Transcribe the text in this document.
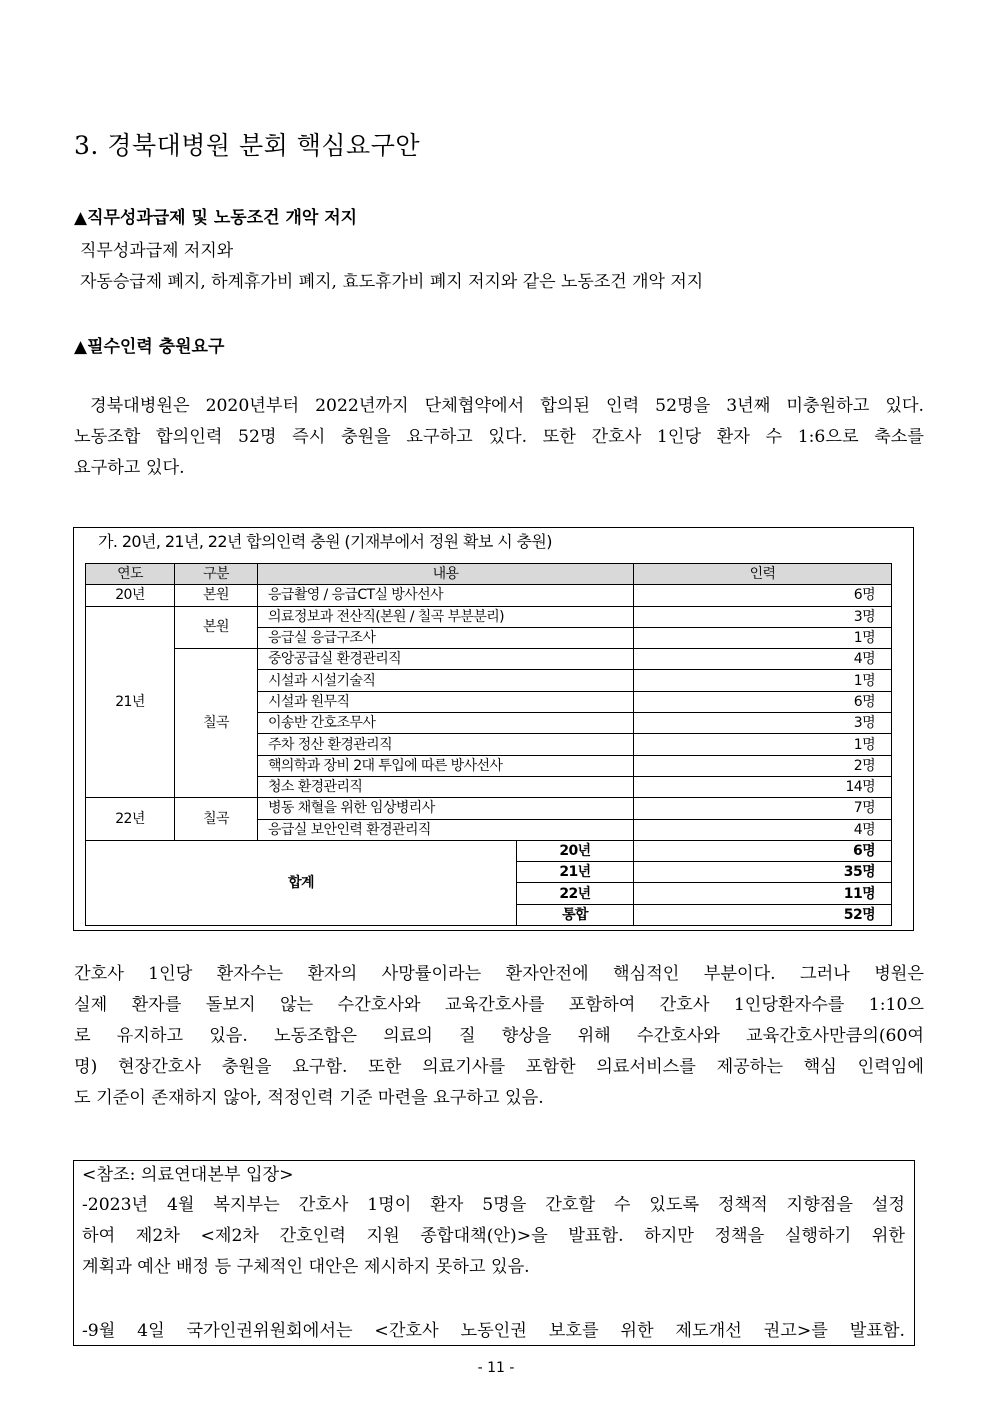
3. 경북대병원 분회 핵심요구안
▲직무성과급제 및 노동조건 개악 저지
직무성과급제 저지와
자동승급제 폐지, 하계휴가비 폐지, 효도휴가비 폐지 저지와 같은 노동조건 개악 저지
▲필수인력 충원요구
경북대병원은 2020년부터 2022년까지 단체협약에서 합의된 인력 52명을 3년째 미충원하고 있다.
노동조합 합의인력 52명 즉시 충원을 요구하고 있다. 또한 간호사 1인당 환자 수 1:6으로 축소를
요구하고 있다.
가. 20년, 21년, 22년 합의인력 충원 (기재부에서 정원 확보 시 충원)
연도	구분	내용		인력
20년	본원	응급촬영 / 응급CT실 방사선사		6명
21년	본원	의료정보과 전산직(본원 / 칠곡 부분분리)		3명
		응급실 응급구조사		1명
	칠곡	중앙공급실 환경관리직		4명
		시설과 시설기술직		1명
		시설과 원무직		6명
		이송반 간호조무사		3명
		주차 정산 환경관리직		1명
		핵의학과 장비 2대 투입에 따른 방사선사		2명
		청소 환경관리직		14명
22년	칠곡	병동 채혈을 위한 임상병리사		7명
		응급실 보안인력 환경관리직		4명
합계			20년	6명
			21년	35명
			22년	11명
			통합	52명
간호사 1인당 환자수는 환자의 사망률이라는 환자안전에 핵심적인 부분이다. 그러나 병원은
실제 환자를 돌보지 않는 수간호사와 교육간호사를 포함하여 간호사 1인당환자수를 1:10으
로 유지하고 있음. 노동조합은 의료의 질 향상을 위해 수간호사와 교육간호사만큼의(60여
명) 현장간호사 충원을 요구함. 또한 의료기사를 포함한 의료서비스를 제공하는 핵심 인력임에
도 기준이 존재하지 않아, 적정인력 기준 마련을 요구하고 있음.
<참조: 의료연대본부 입장>
-2023년 4월 복지부는 간호사 1명이 환자 5명을 간호할 수 있도록 정책적 지향점을 설정
하여 제2차 <제2차 간호인력 지원 종합대책(안)>을 발표함. 하지만 정책을 실행하기 위한
계획과 예산 배정 등 구체적인 대안은 제시하지 못하고 있음.
-9월 4일 국가인권위원회에서는 <간호사 노동인권 보호를 위한 제도개선 권고>를 발표함.
- 11 -
